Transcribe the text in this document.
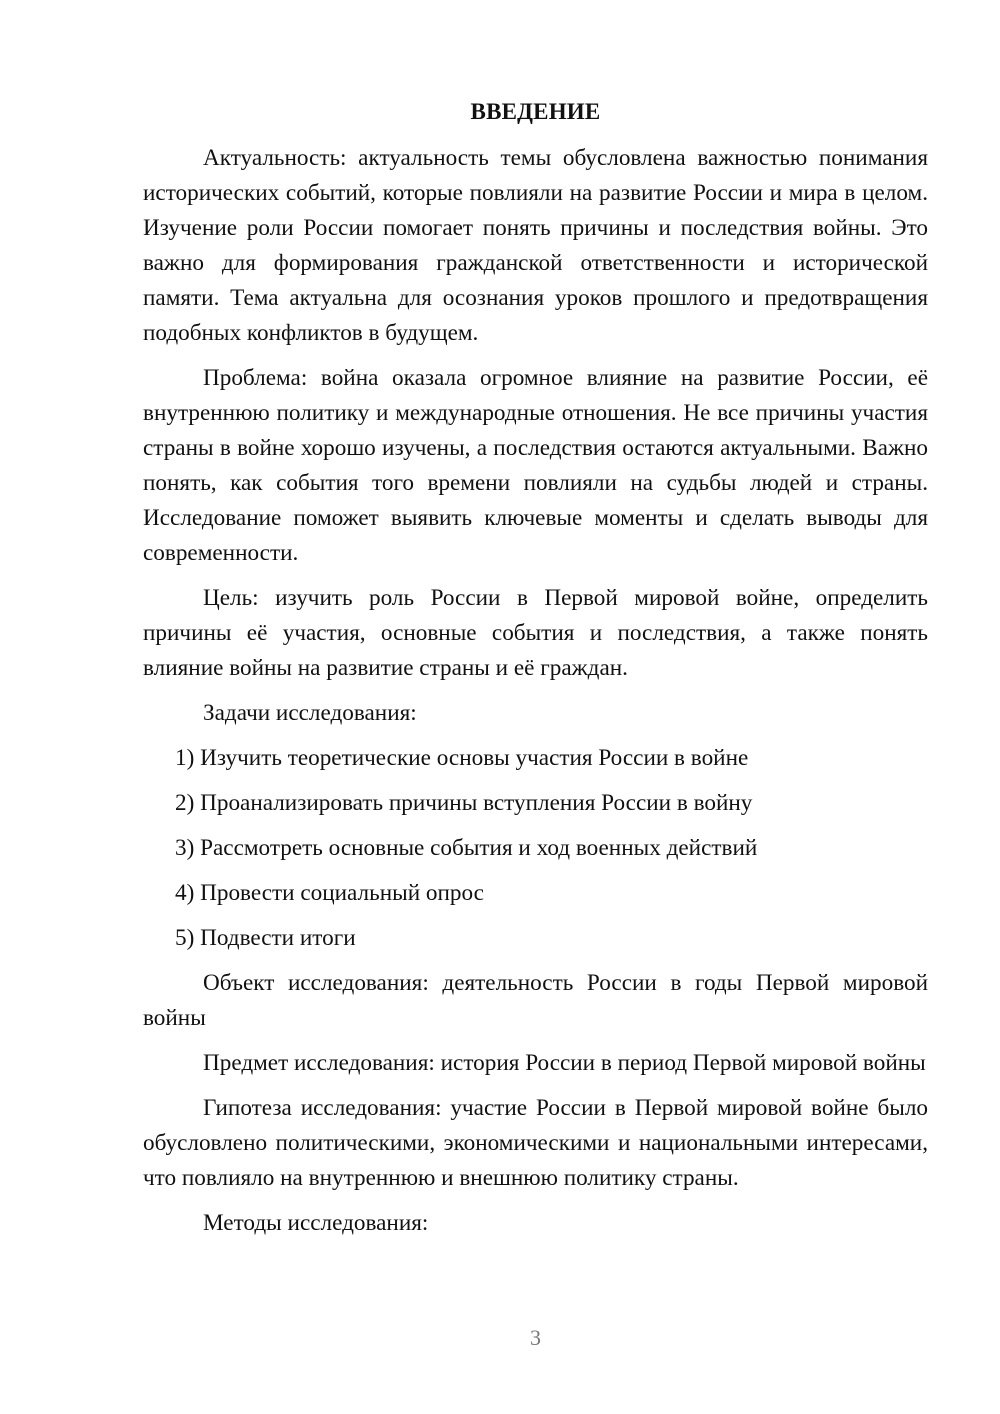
ВВЕДЕНИЕ

Актуальность: актуальность темы обусловлена важностью понимания исторических событий, которые повлияли на развитие России и мира в целом. Изучение роли России помогает понять причины и последствия войны. Это важно для формирования гражданской ответственности и исторической памяти. Тема актуальна для осознания уроков прошлого и предотвращения подобных конфликтов в будущем.

Проблема: война оказала огромное влияние на развитие России, её внутреннюю политику и международные отношения. Не все причины участия страны в войне хорошо изучены, а последствия остаются актуальными. Важно понять, как события того времени повлияли на судьбы людей и страны. Исследование поможет выявить ключевые моменты и сделать выводы для современности.

Цель: изучить роль России в Первой мировой войне, определить причины её участия, основные события и последствия, а также понять влияние войны на развитие страны и её граждан.

Задачи исследования:

1) Изучить теоретические основы участия России в войне

2) Проанализировать причины вступления России в войну

3) Рассмотреть основные события и ход военных действий

4) Провести социальный опрос

5) Подвести итоги

Объект исследования: деятельность России в годы Первой мировой войны

Предмет исследования: история России в период Первой мировой войны

Гипотеза исследования: участие России в Первой мировой войне было обусловлено политическими, экономическими и национальными интересами, что повлияло на внутреннюю и внешнюю политику страны.

Методы исследования:

3
